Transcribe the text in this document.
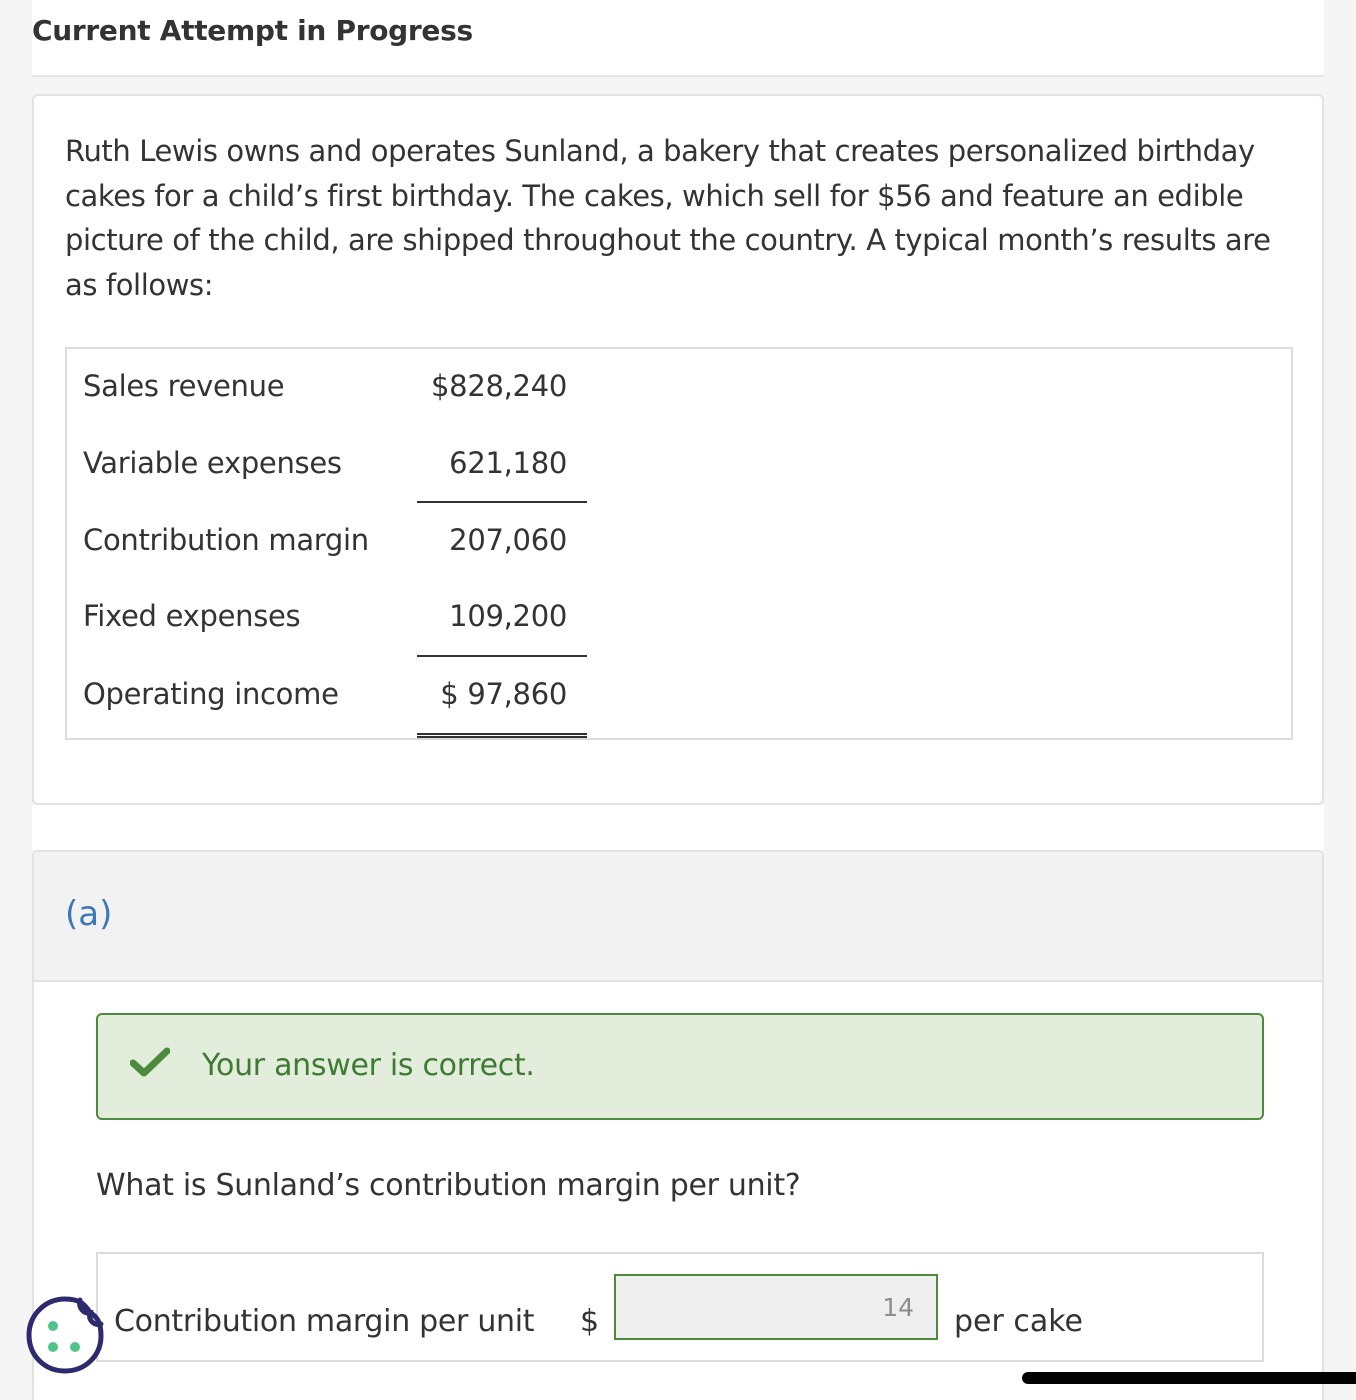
Current Attempt in Progress
Ruth Lewis owns and operates Sunland, a bakery that creates personalized birthday cakes for a child’s first birthday. The cakes, which sell for $56 and feature an edible picture of the child, are shipped throughout the country. A typical month’s results are as follows:
Sales revenue	$828,240
Variable expenses	621,180
Contribution margin	207,060
Fixed expenses	109,200
Operating income	$ 97,860
(a)
Your answer is correct.
What is Sunland’s contribution margin per unit?
Contribution margin per unit $	14	per cake
